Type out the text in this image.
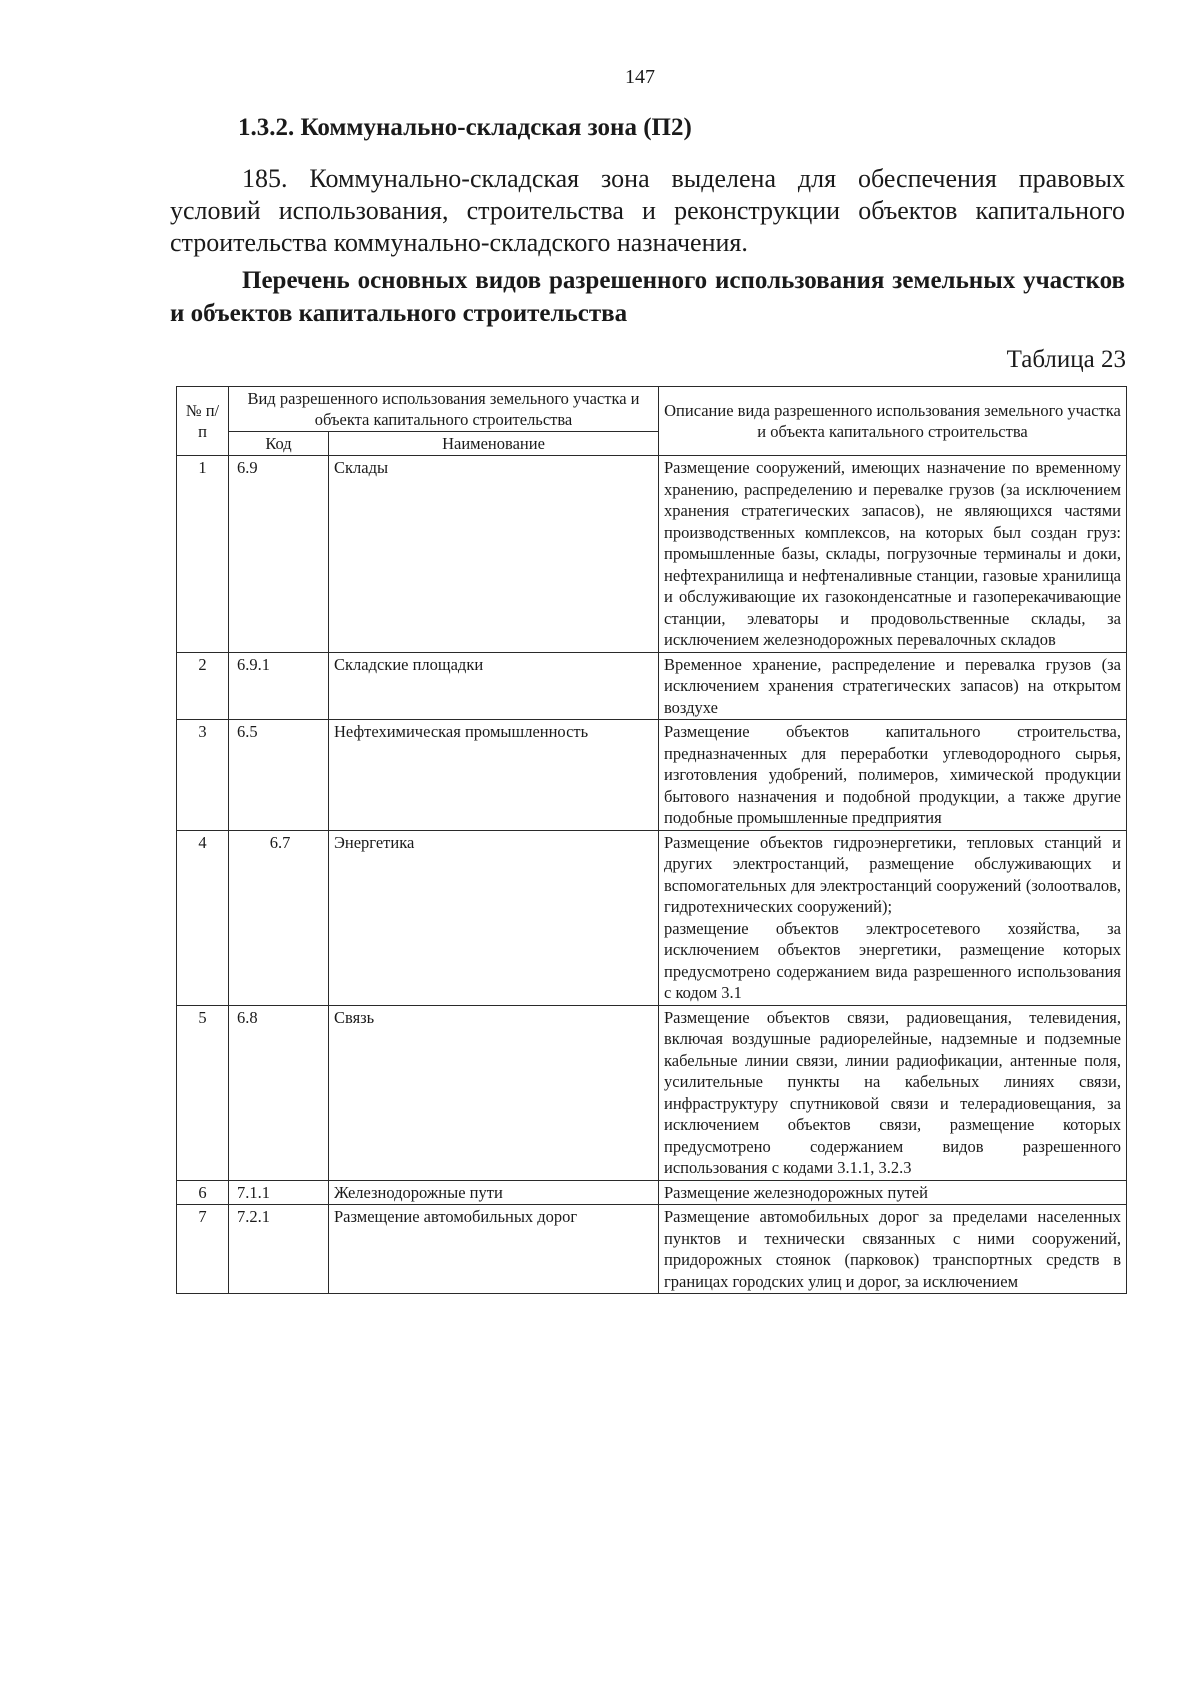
147
1.3.2. Коммунально-складская зона (П2)
185. Коммунально-складская зона выделена для обеспечения правовых условий использования, строительства и реконструкции объектов капитального строительства коммунально-складского назначения.
Перечень основных видов разрешенного использования земельных участков и объектов капитального строительства
Таблица 23
№ п/п	Вид разрешенного использования земельного участка и объекта капитального строительства		Описание вида разрешенного использования земельного участка и объекта капитального строительства
	Код	Наименование	
1	6.9	Склады	Размещение сооружений, имеющих назначение по временному хранению, распределению и перевалке грузов (за исключением хранения стратегических запасов), не являющихся частями производственных комплексов, на которых был создан груз: промышленные базы, склады, погрузочные терминалы и доки, нефтехранилища и нефтеналивные станции, газовые хранилища и обслуживающие их газоконденсатные и газоперекачивающие станции, элеваторы и продовольственные склады, за исключением железнодорожных перевалочных складов
2	6.9.1	Складские площадки	Временное хранение, распределение и перевалка грузов (за исключением хранения стратегических запасов) на открытом воздухе
3	6.5	Нефтехимическая промышленность	Размещение объектов капитального строительства, предназначенных для переработки углеводородного сырья, изготовления удобрений, полимеров, химической продукции бытового назначения и подобной продукции, а также другие подобные промышленные предприятия
4	6.7	Энергетика	Размещение объектов гидроэнергетики, тепловых станций и других электростанций, размещение обслуживающих и вспомогательных для электростанций сооружений (золоотвалов, гидротехнических сооружений);
размещение объектов электросетевого хозяйства, за исключением объектов энергетики, размещение которых предусмотрено содержанием вида разрешенного использования с кодом 3.1
5	6.8	Связь	Размещение объектов связи, радиовещания, телевидения, включая воздушные радиорелейные, надземные и подземные кабельные линии связи, линии радиофикации, антенные поля, усилительные пункты на кабельных линиях связи, инфраструктуру спутниковой связи и телерадиовещания, за исключением объектов связи, размещение которых предусмотрено содержанием видов разрешенного использования с кодами 3.1.1, 3.2.3
6	7.1.1	Железнодорожные пути	Размещение железнодорожных путей
7	7.2.1	Размещение автомобильных дорог	Размещение автомобильных дорог за пределами населенных пунктов и технически связанных с ними сооружений, придорожных стоянок (парковок) транспортных средств в границах городских улиц и дорог, за исключением
